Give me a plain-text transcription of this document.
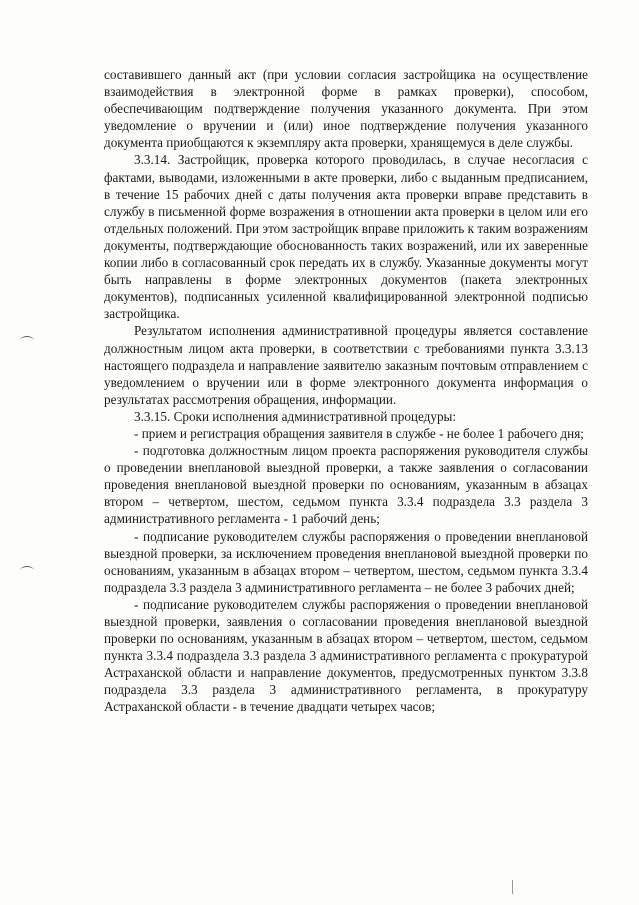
составившего данный акт (при условии согласия застройщика на осуществление взаимодействия в электронной форме в рамках проверки), способом, обеспечивающим подтверждение получения указанного документа. При этом уведомление о вручении и (или) иное подтверждение получения указанного документа приобщаются к экземпляру акта проверки, хранящемуся в деле службы.

3.3.14. Застройщик, проверка которого проводилась, в случае несогласия с фактами, выводами, изложенными в акте проверки, либо с выданным предписанием, в течение 15 рабочих дней с даты получения акта проверки вправе представить в службу в письменной форме возражения в отношении акта проверки в целом или его отдельных положений. При этом застройщик вправе приложить к таким возражениям документы, подтверждающие обоснованность таких возражений, или их заверенные копии либо в согласованный срок передать их в службу. Указанные документы могут быть направлены в форме электронных документов (пакета электронных документов), подписанных усиленной квалифицированной электронной подписью застройщика.

Результатом исполнения административной процедуры является составление должностным лицом акта проверки, в соответствии с требованиями пункта 3.3.13 настоящего подраздела и направление заявителю заказным почтовым отправлением с уведомлением о вручении или в форме электронного документа информация о результатах рассмотрения обращения, информации.

3.3.15. Сроки исполнения административной процедуры:

- прием и регистрация обращения заявителя в службе - не более 1 рабочего дня;

- подготовка должностным лицом проекта распоряжения руководителя службы о проведении внеплановой выездной проверки, а также заявления о согласовании проведения внеплановой выездной проверки по основаниям, указанным в абзацах втором – четвертом, шестом, седьмом пункта 3.3.4 подраздела 3.3 раздела 3 административного регламента - 1 рабочий день;

- подписание руководителем службы распоряжения о проведении внеплановой выездной проверки, за исключением проведения внеплановой выездной проверки по основаниям, указанным в абзацах втором – четвертом, шестом, седьмом пункта 3.3.4 подраздела 3.3 раздела 3 административного регламента – не более 3 рабочих дней;

- подписание руководителем службы распоряжения о проведении внеплановой выездной проверки, заявления о согласовании проведения внеплановой выездной проверки по основаниям, указанным в абзацах втором – четвертом, шестом, седьмом пункта 3.3.4 подраздела 3.3 раздела 3 административного регламента с прокуратурой Астраханской области и направление документов, предусмотренных пунктом 3.3.8 подраздела 3.3 раздела 3 административного регламента, в прокуратуру Астраханской области - в течение двадцати четырех часов;
